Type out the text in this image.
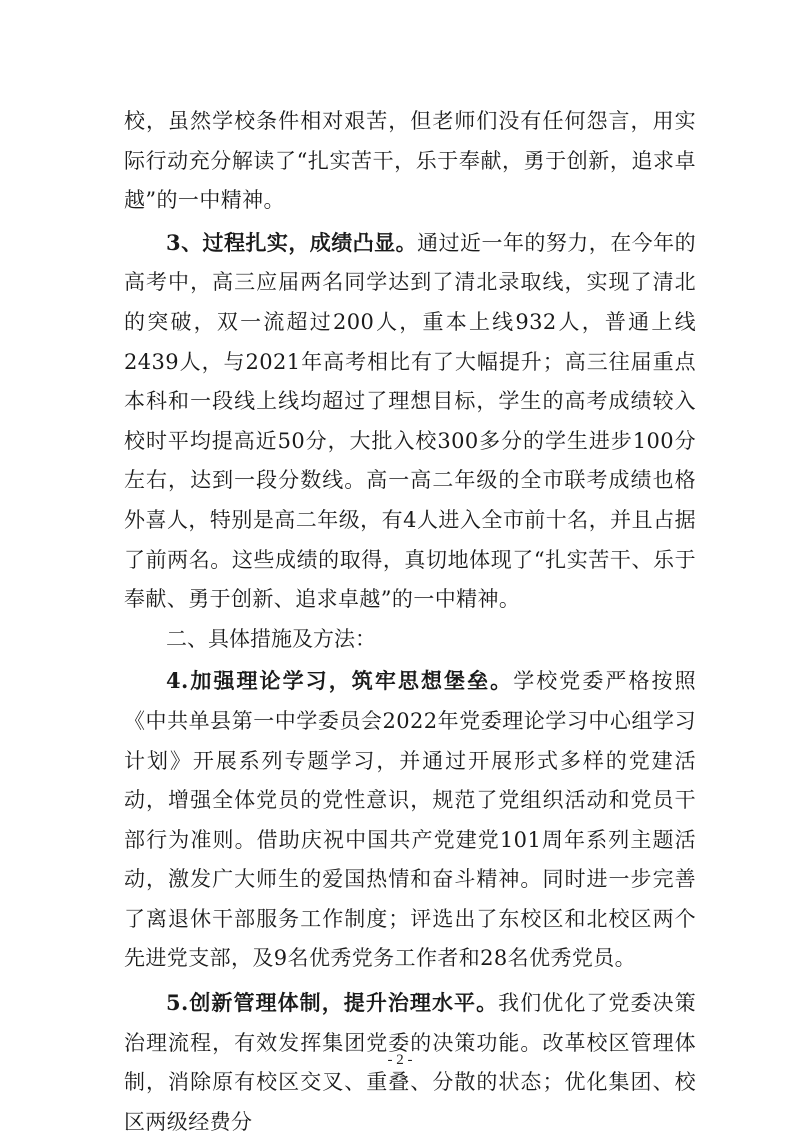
校，虽然学校条件相对艰苦，但老师们没有任何怨言，用实际行动充分解读了“扎实苦干，乐于奉献，勇于创新，追求卓越”的一中精神。

3、过程扎实，成绩凸显。通过近一年的努力，在今年的高考中，高三应届两名同学达到了清北录取线，实现了清北的突破，双一流超过200人，重本上线932人，普通上线2439人，与2021年高考相比有了大幅提升；高三往届重点本科和一段线上线均超过了理想目标，学生的高考成绩较入校时平均提高近50分，大批入校300多分的学生进步100分左右，达到一段分数线。高一高二年级的全市联考成绩也格外喜人，特别是高二年级，有4人进入全市前十名，并且占据了前两名。这些成绩的取得，真切地体现了“扎实苦干、乐于奉献、勇于创新、追求卓越”的一中精神。

二、具体措施及方法：

4.加强理论学习，筑牢思想堡垒。学校党委严格按照《中共单县第一中学委员会2022年党委理论学习中心组学习计划》开展系列专题学习，并通过开展形式多样的党建活动，增强全体党员的党性意识，规范了党组织活动和党员干部行为准则。借助庆祝中国共产党建党101周年系列主题活动，激发广大师生的爱国热情和奋斗精神。同时进一步完善了离退休干部服务工作制度；评选出了东校区和北校区两个先进党支部，及9名优秀党务工作者和28名优秀党员。

5.创新管理体制，提升治理水平。我们优化了党委决策治理流程，有效发挥集团党委的决策功能。改革校区管理体制，消除原有校区交叉、重叠、分散的状态；优化集团、校区两级经费分

- 2 -
